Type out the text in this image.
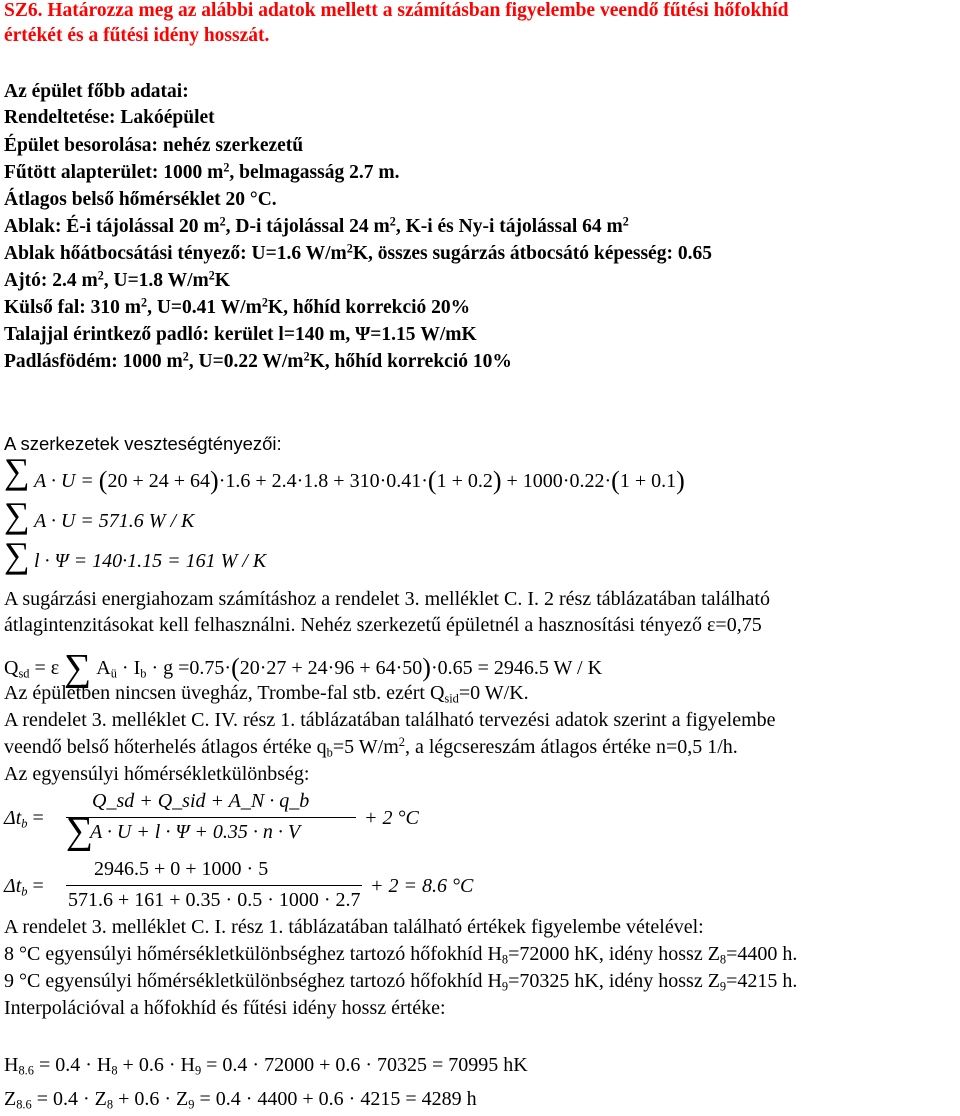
SZ6. Határozza meg az alábbi adatok mellett a számításban figyelembe veendő fűtési hőfokhíd
értékét és a fűtési idény hosszát.
Az épület főbb adatai:
Rendeltetése: Lakóépület
Épület besorolása: nehéz szerkezetű
Fűtött alapterület: 1000 $m^2$, belmagasság 2.7 m.
Átlagos belső hőmérséklet 20 °C.
Ablak: É-i tájolással 20 $m^2$, D-i tájolással 24 $m^2$, K-i és Ny-i tájolással 64 $m^2$
Ablak hőátbocsátási tényező: U=1.6 $W/m^2K$, összes sugárzás átbocsátó képesség: 0.65
Ajtó: 2.4 $m^2$, U=1.8 $W/m^2K$
Külső fal: 310 $m^2$, U=0.41 $W/m^2K$, hőhíd korrekció 20%
Talajjal érintkező padló: kerület l=140 m, Ψ=1.15 W/mK
Padlásfödém: 1000 $m^2$, U=0.22 $W/m^2K$, hőhíd korrekció 10%
A szerkezetek veszteségtényezői:
∑ A · U = (20 + 24 + 64)·1.6 + 2.4·1.8 + 310·0.41·(1 + 0.2) + 1000·0.22·(1 + 0.1)
∑ A · U = 571.6 W / K
∑ l · Ψ = 140·1.15 = 161 W / K
A sugárzási energiahozam számításhoz a rendelet 3. melléklet C. I. 2 rész táblázatában található
átlagintenzitásokat kell felhasználni. Nehéz szerkezetű épületnél a hasznosítási tényező ε=0,75
$Q_{sd} = \varepsilon$ ∑ $A_ü \cdot I_b \cdot g =0.75\cdot(20\cdot 27 + 24\cdot 96 + 64\cdot 50)\cdot 0.65 = 2946.5$ W / K
Az épületben nincsen üvegház, Trombe-fal stb. ezért $Q_{sid}=0$ W/K.
A rendelet 3. melléklet C. IV. rész 1. táblázatában található tervezési adatok szerint a figyelembe
veendő belső hőterhelés átlagos értéke $q_b=5$ $W/m^2$, a légcsereszám átlagos értéke n=0,5 1/h.
Az egyensúlyi hőmérsékletkülönbség:
$\Delta t_b$ =
Q_sd + Q_sid + A_N · q_b
∑
A · U + l · Ψ + 0.35 · n · V
+ 2 °C
$\Delta t_b$ =
2946.5 + 0 + 1000 · 5
571.6 + 161 + 0.35 · 0.5 · 1000 · 2.7
+ 2 = 8.6 °C
A rendelet 3. melléklet C. I. rész 1. táblázatában található értékek figyelembe vételével:
8 °C egyensúlyi hőmérsékletkülönbséghez tartozó hőfokhíd $H_8=72000$ hK, idény hossz $Z_8=4400$ h.
9 °C egyensúlyi hőmérsékletkülönbséghez tartozó hőfokhíd $H_9=70325$ hK, idény hossz $Z_9=4215$ h.
Interpolációval a hőfokhíd és fűtési idény hossz értéke:
$H_{8.6} = 0.4 \cdot H_8 + 0.6 \cdot H_9 = 0.4 \cdot 72000 + 0.6 \cdot 70325 = 70995$ hK
$Z_{8.6} = 0.4 \cdot Z_8 + 0.6 \cdot Z_9 = 0.4 \cdot 4400 + 0.6 \cdot 4215 = 4289$ h
